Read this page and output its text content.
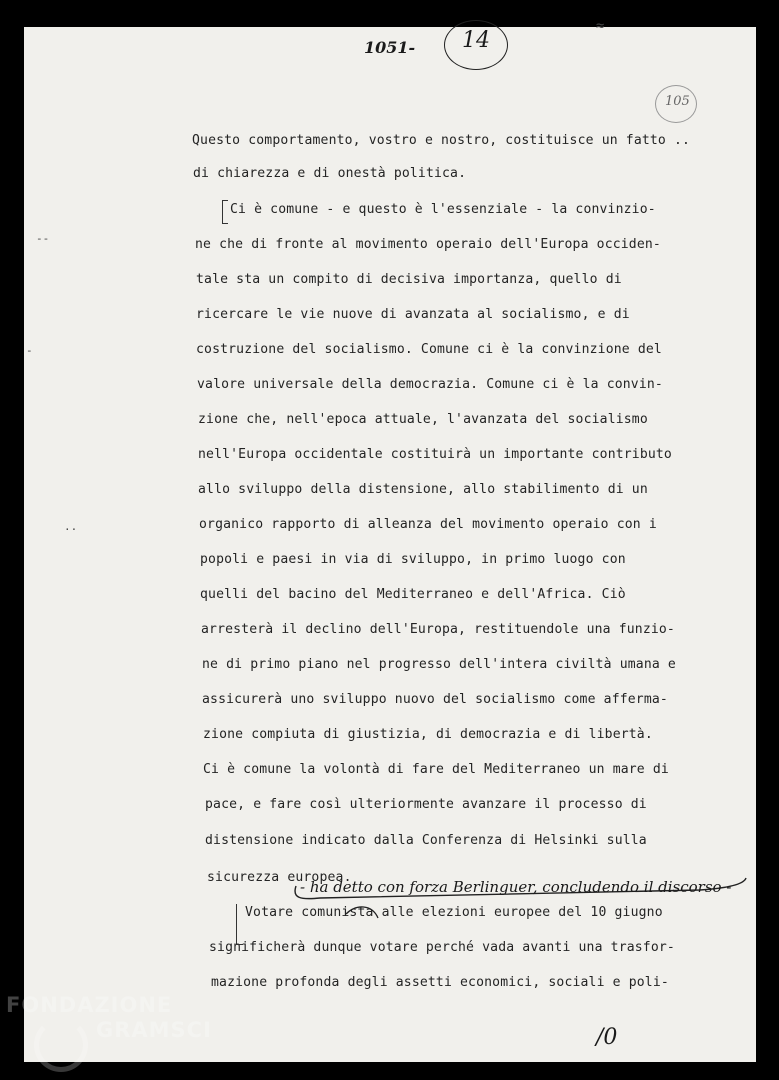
14
1051-
105
≈
--
-
..
Questo comportamento, vostro e nostro, costituisce un fatto ..
di chiarezza e di onestà politica.
Ci è comune - e questo è l'essenziale - la convinzio-
ne che di fronte al movimento operaio dell'Europa occiden-
tale sta un compito di decisiva importanza, quello di
ricercare le vie nuove di avanzata al socialismo, e di
costruzione del socialismo. Comune ci è la convinzione del
valore universale della democrazia. Comune ci è la convin-
zione che, nell'epoca attuale, l'avanzata del socialismo
nell'Europa occidentale costituirà un importante contributo
allo sviluppo della distensione, allo stabilimento di un
organico rapporto di alleanza del movimento operaio con i
popoli e paesi in via di sviluppo, in primo luogo con
quelli del bacino del Mediterraneo e dell'Africa. Ciò
arresterà il declino dell'Europa, restituendole una funzio-
ne di primo piano nel progresso dell'intera civiltà umana e
assicurerà uno sviluppo nuovo del socialismo come afferma-
zione compiuta di giustizia, di democrazia e di libertà.
Ci è comune la volontà di fare del Mediterraneo un mare di
pace, e fare così ulteriormente avanzare il processo di
distensione indicato dalla Conferenza di Helsinki sulla
sicurezza europea.
Votare comunista alle elezioni europee del 10 giugno
significherà dunque votare perché vada avanti una trasfor-
mazione profonda degli assetti economici, sociali e poli-
- ha detto con forza Berlinguer, concludendo il discorso -
/0
FONDAZIONE
GRAMSCI
